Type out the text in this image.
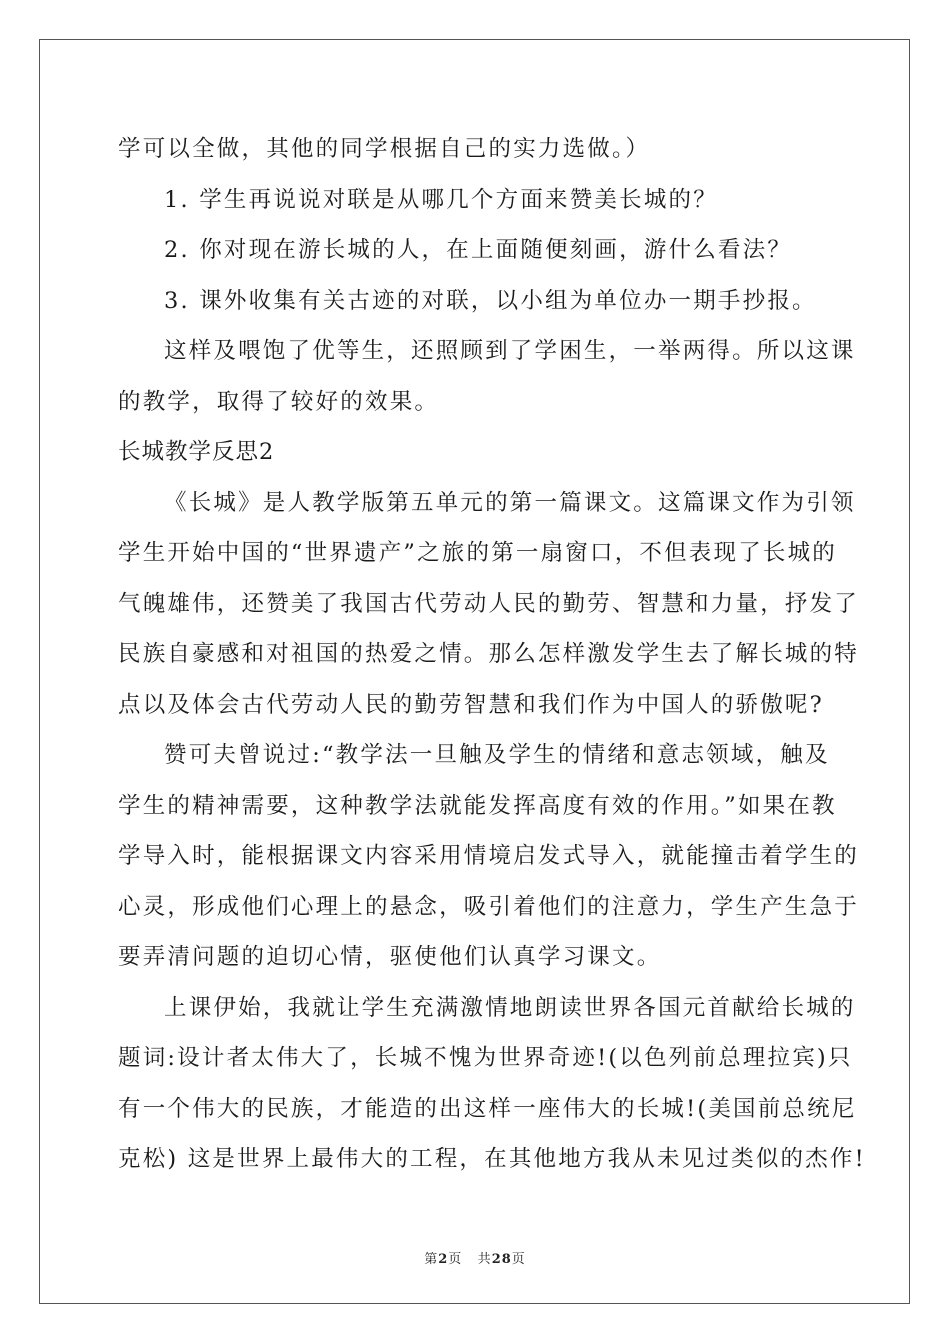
学可以全做，其他的同学根据自己的实力选做。）
1. 学生再说说对联是从哪几个方面来赞美长城的？
2. 你对现在游长城的人，在上面随便刻画，游什么看法？
3. 课外收集有关古迹的对联，以小组为单位办一期手抄报。
这样及喂饱了优等生，还照顾到了学困生，一举两得。所以这课
的教学，取得了较好的效果。
长城教学反思2
《长城》是人教学版第五单元的第一篇课文。这篇课文作为引领
学生开始中国的“世界遗产”之旅的第一扇窗口，不但表现了长城的
气魄雄伟，还赞美了我国古代劳动人民的勤劳、智慧和力量，抒发了
民族自豪感和对祖国的热爱之情。那么怎样激发学生去了解长城的特
点以及体会古代劳动人民的勤劳智慧和我们作为中国人的骄傲呢?
赞可夫曾说过:“教学法一旦触及学生的情绪和意志领域，触及
学生的精神需要，这种教学法就能发挥高度有效的作用。”如果在教
学导入时，能根据课文内容采用情境启发式导入，就能撞击着学生的
心灵，形成他们心理上的悬念，吸引着他们的注意力，学生产生急于
要弄清问题的迫切心情，驱使他们认真学习课文。
上课伊始，我就让学生充满激情地朗读世界各国元首献给长城的
题词:设计者太伟大了，长城不愧为世界奇迹!(以色列前总理拉宾)只
有一个伟大的民族，才能造的出这样一座伟大的长城!(美国前总统尼
克松) 这是世界上最伟大的工程，在其他地方我从未见过类似的杰作!
第2页 共28页
